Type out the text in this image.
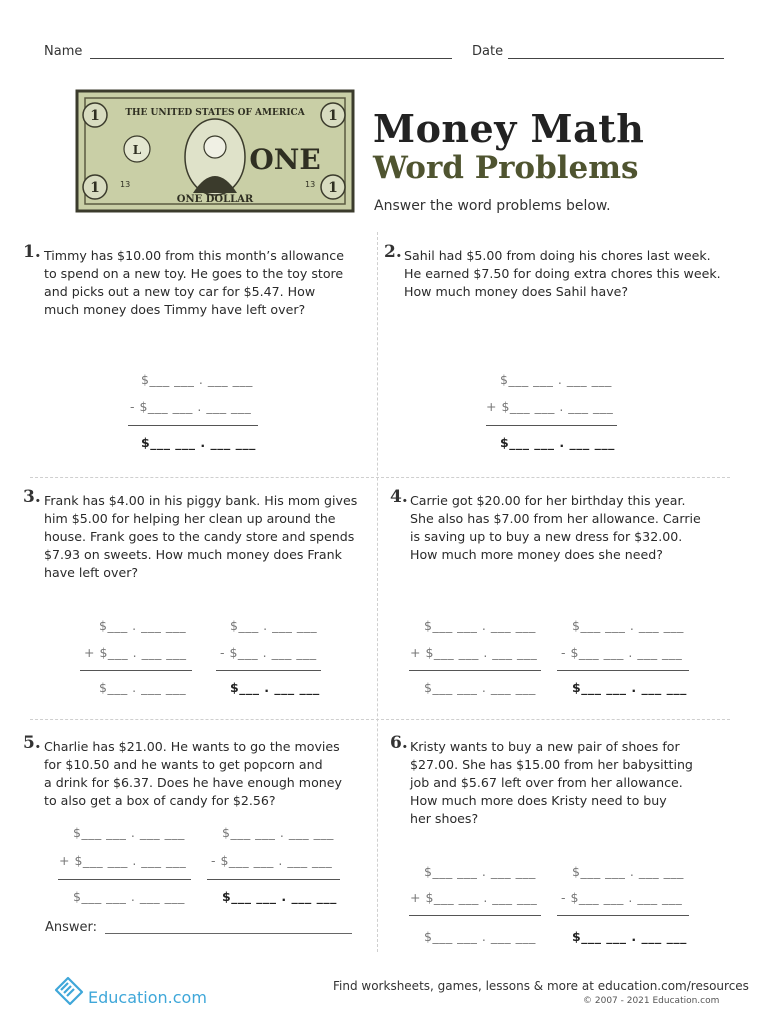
Name	Date
1
1
1
1
THE UNITED STATES OF AMERICA
L	ONE
ONE DOLLAR
13	13
Money Math
Word Problems
Answer the word problems below.
1. Timmy has $10.00 from this month’s allowance
to spend on a new toy. He goes to the toy store
and picks out a new toy car for $5.47. How
much money does Timmy have left over?
$___ ___ . ___ ___
- $___ ___ . ___ ___
$___ ___ . ___ ___
2. Sahil had $5.00 from doing his chores last week.
He earned $7.50 for doing extra chores this week.
How much money does Sahil have?
$___ ___ . ___ ___
+ $___ ___ . ___ ___
$___ ___ . ___ ___
3. Frank has $4.00 in his piggy bank. His mom gives
him $5.00 for helping her clean up around the
house. Frank goes to the candy store and spends
$7.93 on sweets. How much money does Frank
have left over?
$___ . ___ ___
+ $___ . ___ ___
$___ . ___ ___
$___ . ___ ___
- $___ . ___ ___
$___ . ___ ___
4. Carrie got $20.00 for her birthday this year.
She also has $7.00 from her allowance. Carrie
is saving up to buy a new dress for $32.00.
How much more money does she need?
$___ ___ . ___ ___
+ $___ ___ . ___ ___
$___ ___ . ___ ___
$___ ___ . ___ ___
- $___ ___ . ___ ___
$___ ___ . ___ ___
5. Charlie has $21.00. He wants to go the movies
for $10.50 and he wants to get popcorn and
a drink for $6.37. Does he have enough money
to also get a box of candy for $2.56?
$___ ___ . ___ ___
+ $___ ___ . ___ ___
$___ ___ . ___ ___
$___ ___ . ___ ___
- $___ ___ . ___ ___
$___ ___ . ___ ___
Answer:
6. Kristy wants to buy a new pair of shoes for
$27.00. She has $15.00 from her babysitting
job and $5.67 left over from her allowance.
How much more does Kristy need to buy
her shoes?
$___ ___ . ___ ___
+ $___ ___ . ___ ___
$___ ___ . ___ ___
$___ ___ . ___ ___
- $___ ___ . ___ ___
$___ ___ . ___ ___
Education.com
Find worksheets, games, lessons & more at education.com/resources
© 2007 - 2021 Education.com
